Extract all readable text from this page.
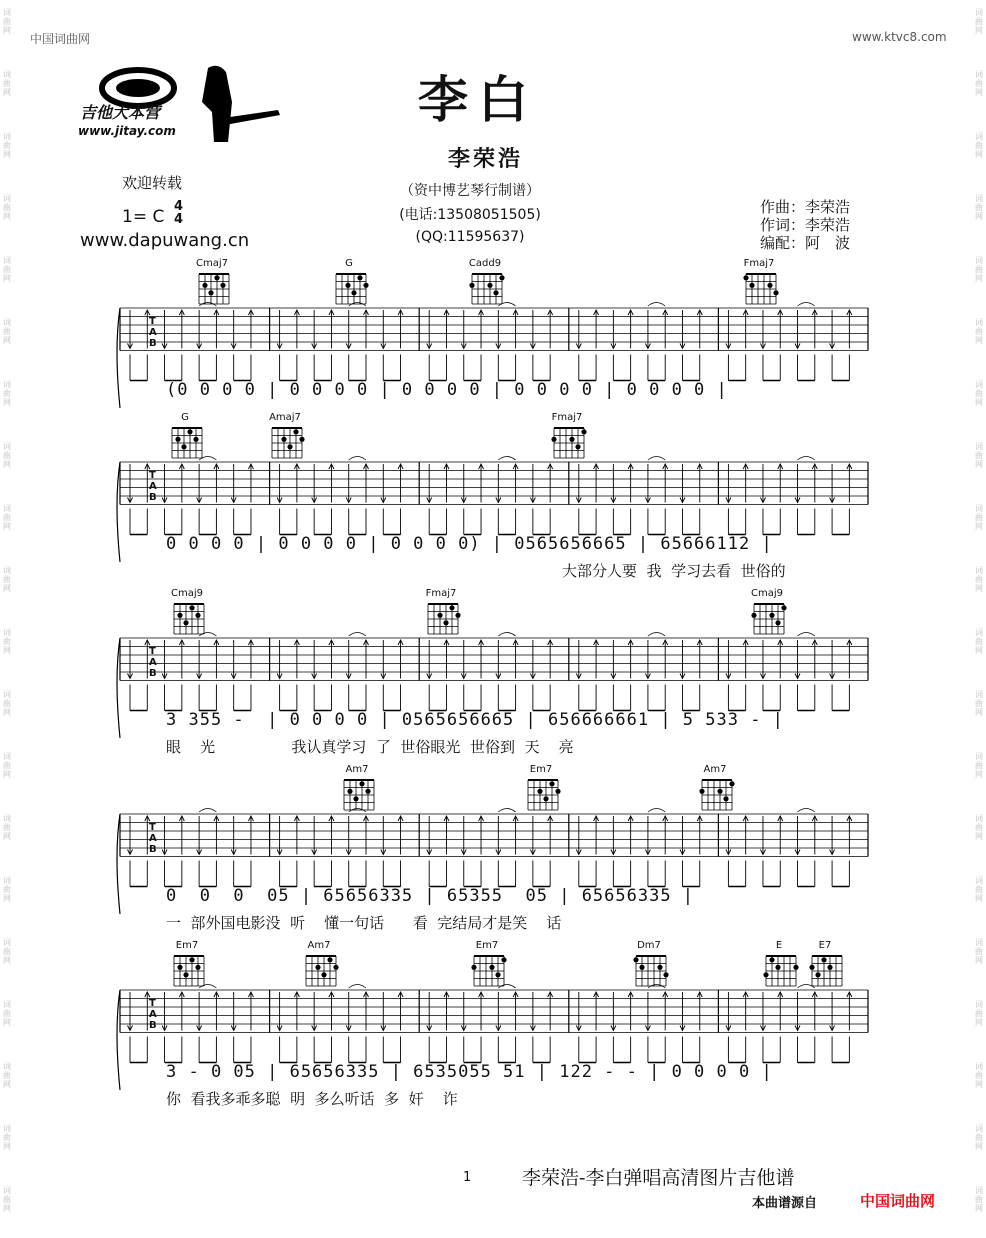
词曲网
词曲网
词曲网
词曲网
词曲网
词曲网
词曲网
词曲网
词曲网
词曲网
词曲网
词曲网
词曲网
词曲网
词曲网
词曲网
词曲网
词曲网
词曲网
词曲网
词曲网
词曲网
词曲网
词曲网
词曲网
词曲网
词曲网
词曲网
词曲网
词曲网
词曲网
词曲网
词曲网
词曲网
词曲网
词曲网
词曲网
词曲网
词曲网
词曲网
中国词曲网	www.ktvc8.com
吉他大本营
www.jitay.com
李白
李荣浩
欢迎转载
1= C
4
4
www.dapuwang.cn
（资中博艺琴行制谱）
(电话:13508051505)
(QQ:11595637)
作曲：李荣浩
作词：李荣浩
编配：阿　波
Cmaj7	G	Cadd9	Fmaj7
T
A
B
(0 0 0 0 | 0 0 0 0 | 0 0 0 0 | 0 0 0 0 | 0 0 0 0 |
G	Amaj7	Fmaj7
T
A
B
0 0 0 0 | 0 0 0 0 | 0 0 0 0) | 0565656665 | 65666112 |
大部分人要  我  学习去看  世俗的
Cmaj9	Fmaj7	Cmaj9
T
A
B
3 355 -  | 0 0 0 0 | 0565656665 | 656666661 | 5 533 - |
眼    光                我认真学习  了  世俗眼光  世俗到  天    亮
Am7	Em7	Am7
T
A
B
0  0  0  05 | 65656335 | 65355  05 | 65656335 |
一  部外国电影没  听    懂一句话      看  完结局才是笑    话
Em7	Am7	Em7	Dm7	E	E7
T
A
B
3 - 0 05 | 65656335 | 6535055 51 | 122 - - | 0 0 0 0 |
你  看我多乖多聪  明  多么听话  多  奸    诈
1	李荣浩-李白弹唱高清图片吉他谱
本曲谱源自	中国词曲网
